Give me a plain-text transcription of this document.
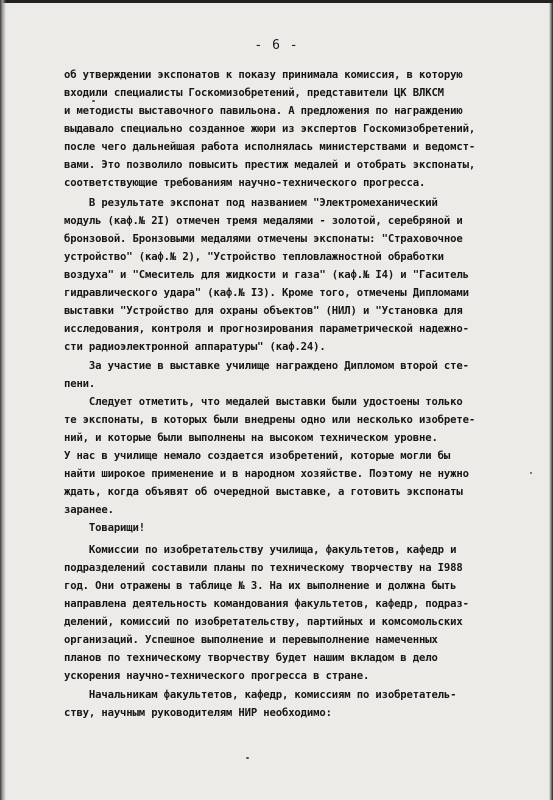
- 6 -
об утверждении экспонатов к показу принимала комиссия, в которую
входили специалисты Госкомизобретений, представители ЦК ВЛКСМ
и методисты выставочного павильона. А предложения по награждению
выдавало специально созданное жюри из экспертов Госкомизобретений,
после чего дальнейшая работа исполнялась министерствами и ведомст-
вами. Это позволило повысить престиж медалей и отобрать экспонаты,
соответствующие требованиям научно-технического прогресса.
В результате экспонат под названием "Электромеханический
модуль (каф.№ 2I) отмечен тремя медалями - золотой, серебряной и
бронзовой. Бронзовыми медалями отмечены экспонаты: "Страховочное
устройство" (каф.№ 2), "Устройство тепловлажностной обработки
воздуха" и "Смеситель для жидкости и газа" (каф.№ I4) и "Гаситель
гидравлического удара" (каф.№ I3). Кроме того, отмечены Дипломами
выставки "Устройство для охраны объектов" (НИЛ) и "Установка для
исследования, контроля и прогнозирования параметрической надежно-
сти радиоэлектронной аппаратуры" (каф.24).
За участие в выставке училище награждено Дипломом второй сте-
пени.
Следует отметить, что медалей выставки были удостоены только
те экспонаты, в которых были внедрены одно или несколько изобрете-
ний, и которые были выполнены на высоком техническом уровне.
У нас в училище немало создается изобретений, которые могли бы
найти широкое применение и в народном хозяйстве. Поэтому не нужно
ждать, когда объявят об очередной выставке, а готовить экспонаты
заранее.
Товарищи!
Комиссии по изобретательству училища, факультетов, кафедр и
подразделений составили планы по техническому творчеству на I988
год. Они отражены в таблице № 3. На их выполнение и должна быть
направлена деятельность командования факультетов, кафедр, подраз-
делений, комиссий по изобретательству, партийных и комсомольских
организаций. Успешное выполнение и перевыполнение намеченных
планов по техническому творчеству будет нашим вкладом в дело
ускорения научно-технического прогресса в стране.
Начальникам факультетов, кафедр, комиссиям по изобретатель-
ству, научным руководителям НИР необходимо:
